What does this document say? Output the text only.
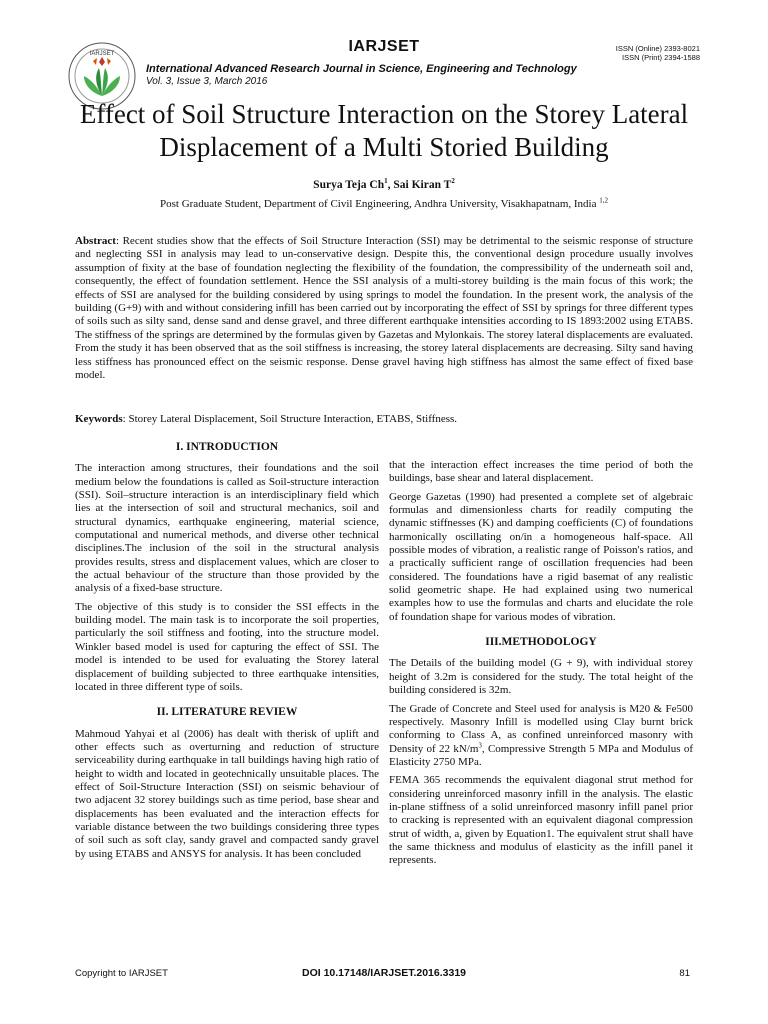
IARJSET	IARJSET	ISSN (Online) 2393-8021
ISSN (Print) 2394-1588
International Advanced Research Journal in Science, Engineering and Technology
Vol. 3, Issue 3, March 2016
Effect of Soil Structure Interaction on the Storey Lateral Displacement of a Multi Storied Building
Surya Teja Ch$^1$, Sai Kiran $T^2$
Post Graduate Student, Department of Civil Engineering, Andhra University, Visakhapatnam, India $^{1,2}$

Abstract: Recent studies show that the effects of Soil Structure Interaction (SSI) may be detrimental to the seismic response of structure and neglecting SSI in analysis may lead to un-conservative design. Despite this, the conventional design procedure usually involves assumption of fixity at the base of foundation neglecting the flexibility of the foundation, the compressibility of the underneath soil and, consequently, the effect of foundation settlement. Hence the SSI analysis of a multi-storey building is the main focus of this work; the effects of SSI are analysed for the building considered by using springs to model the foundation. In the present work, the analysis of the building (G+9) with and without considering infill has been carried out by incorporating the effect of SSI by springs for three different types of soils such as silty sand, dense sand and dense gravel, and three different earthquake intensities according to IS 1893:2002 using ETABS. The stiffness of the springs are determined by the formulas given by Gazetas and Mylonkais. The storey lateral displacements are evaluated. From the study it has been observed that as the soil stiffness is increasing, the storey lateral displacements are decreasing. Silty sand having less stiffness has pronounced effect on the seismic response. Dense gravel having high stiffness has almost the same effect of fixed base model.

Keywords: Storey Lateral Displacement, Soil Structure Interaction, ETABS, Stiffness.

I. INTRODUCTION

The interaction among structures, their foundations and the soil medium below the foundations is called as Soil-structure interaction (SSI). Soil–structure interaction is an interdisciplinary field which lies at the intersection of soil and structural mechanics, soil and structural dynamics, earthquake engineering, material science, computational and numerical methods, and diverse other technical disciplines.The inclusion of the soil in the structural analysis provides results, stress and displacement values, which are closer to the actual behaviour of the structure than those provided by the analysis of a fixed-base structure.

The objective of this study is to consider the SSI effects in the building model. The main task is to incorporate the soil properties, particularly the soil stiffness and footing, into the structure model. Winkler based model is used for capturing the effect of SSI. The model is intended to be used for evaluating the Storey lateral displacement of building subjected to three earthquake intensities, located in three different type of soils.

II. LITERATURE REVIEW

Mahmoud Yahyai et al (2006) has dealt with therisk of uplift and other effects such as overturning and reduction of structure serviceability during earthquake in tall buildings having high ratio of height to width and located in geotechnically unsuitable places. The effect of Soil-Structure Interaction (SSI) on seismic behaviour of two adjacent 32 storey buildings such as time period, base shear and displacements has been evaluated and the interaction effects for variable distance between the two buildings considering three types of soil such as soft clay, sandy gravel and compacted sandy gravel by using ETABS and ANSYS for analysis. It has been concluded

that the interaction effect increases the time period of both the buildings, base shear and lateral displacement.

George Gazetas (1990) had presented a complete set of algebraic formulas and dimensionless charts for readily computing the dynamic stiffnesses (K) and damping coefficients (C) of foundations harmonically oscillating on/in a homogeneous half-space. All possible modes of vibration, a realistic range of Poisson's ratios, and a practically sufficient range of oscillation frequencies had been considered. The foundations have a rigid basemat of any realistic solid geometric shape. He had explained using two numerical examples how to use the formulas and charts and elucidate the role of foundation shape for various modes of vibration.

III.METHODOLOGY

The Details of the building model (G + 9), with individual storey height of 3.2m is considered for the study. The total height of the building considered is 32m.

The Grade of Concrete and Steel used for analysis is M20 & Fe500 respectively. Masonry Infill is modelled using Clay burnt brick conforming to Class A, as confined unreinforced masonry with Density of 22 $kN/m^3$, Compressive Strength 5 MPa and Modulus of Elasticity 2750 MPa.

FEMA 365 recommends the equivalent diagonal strut method for considering unreinforced masonry infill in the analysis. The elastic in-plane stiffness of a solid unreinforced masonry infill panel prior to cracking is represented with an equivalent diagonal compression strut of width, a, given by Equation1. The equivalent strut shall have the same thickness and modulus of elasticity as the infill panel it represents.

Copyright to IARJSET	DOI 10.17148/IARJSET.2016.3319	81
